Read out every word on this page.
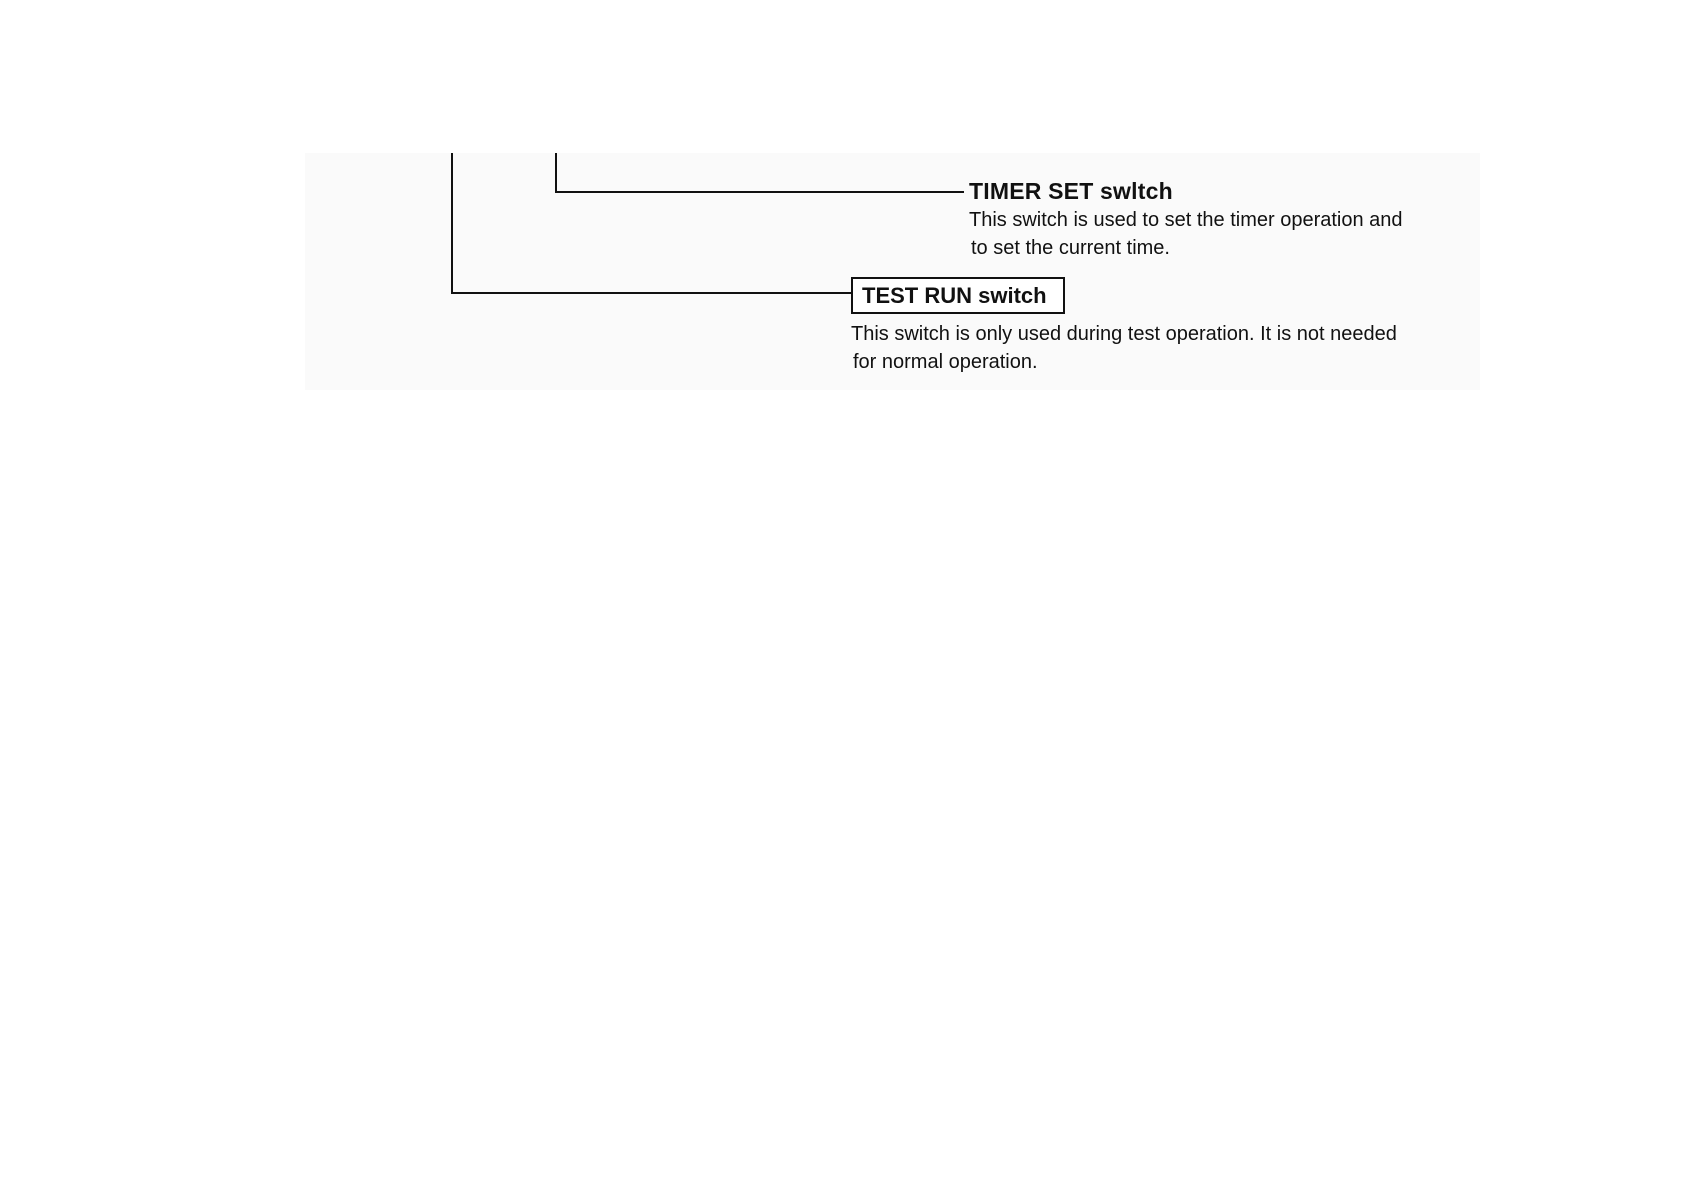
TIMER SET swltch
This switch is used to set the timer operation and
to set the current time.
TEST RUN switch
This switch is only used during test operation. It is not needed
for normal operation.
